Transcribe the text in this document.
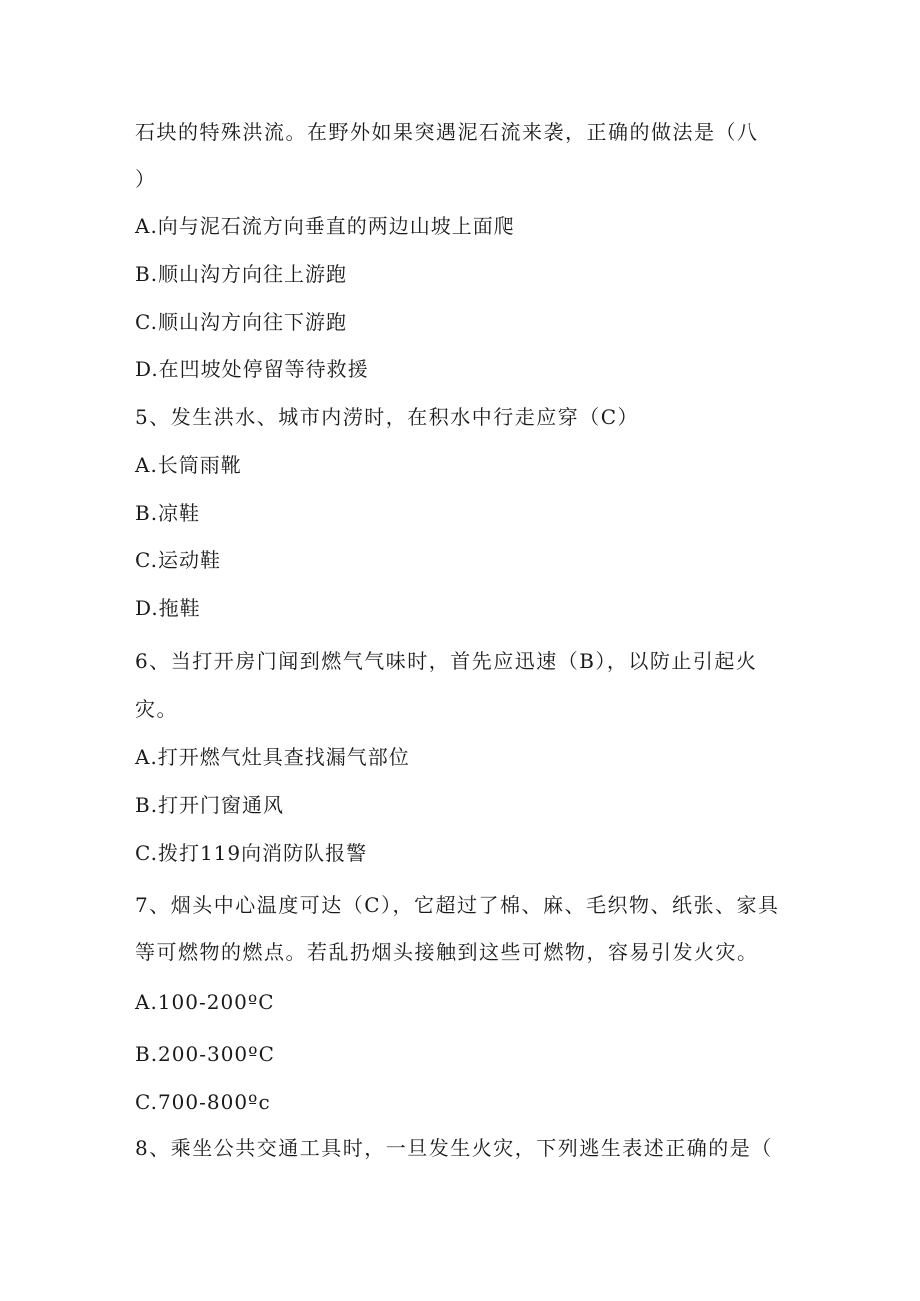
石块的特殊洪流。在野外如果突遇泥石流来袭，正确的做法是（八
）
A.向与泥石流方向垂直的两边山坡上面爬
B.顺山沟方向往上游跑
C.顺山沟方向往下游跑
D.在凹坡处停留等待救援
5、发生洪水、城市内涝时，在积水中行走应穿（C）
A.长筒雨靴
B.凉鞋
C.运动鞋
D.拖鞋
6、当打开房门闻到燃气气味时，首先应迅速（B），以防止引起火
灾。
A.打开燃气灶具查找漏气部位
B.打开门窗通风
C.拨打119向消防队报警
7、烟头中心温度可达（C），它超过了棉、麻、毛织物、纸张、家具
等可燃物的燃点。若乱扔烟头接触到这些可燃物，容易引发火灾。
A.100-200ºC
B.200-300ºC
C.700-800ºc
8、乘坐公共交通工具时，一旦发生火灾，下列逃生表述正确的是（
